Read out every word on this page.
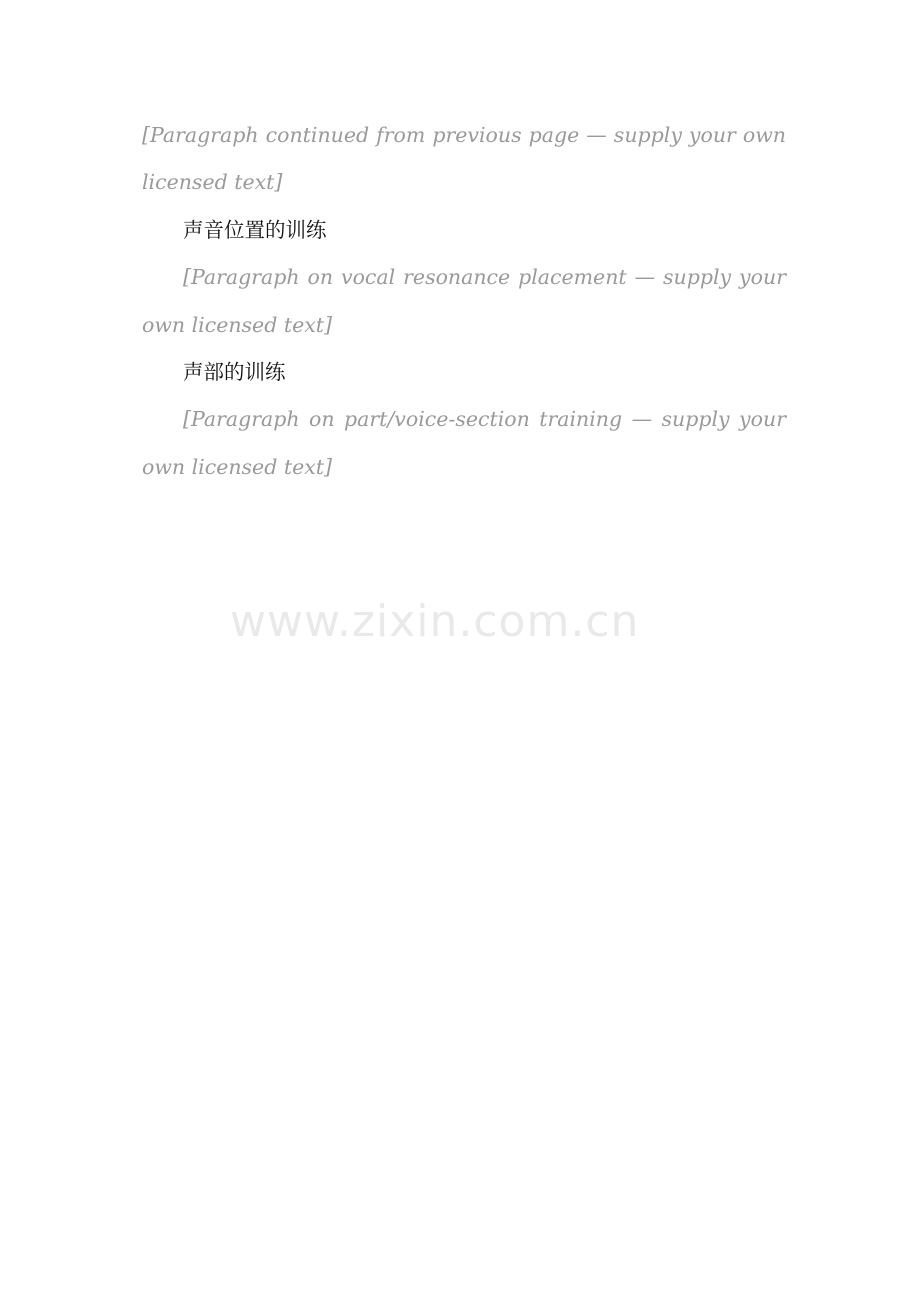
[Paragraph continued from previous page — supply your own licensed text]

声音位置的训练

[Paragraph on vocal resonance placement — supply your own licensed text]

声部的训练

[Paragraph on part/voice-section training — supply your own licensed text]

www.zixin.com.cn
